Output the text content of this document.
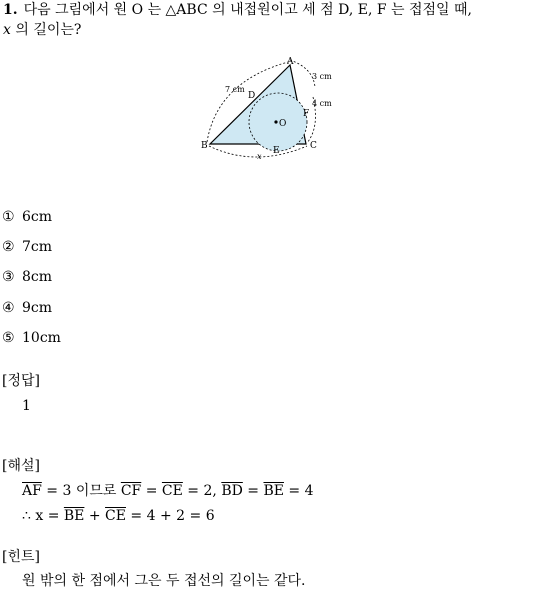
1. 다음 그림에서 원 O 는 △ABC 의 내접원이고 세 점 D, E, F 는 접점일 때,
x 의 길이는?
A
B	C
D
E
F
O
7 cm
3 cm
4 cm
x
① 6cm
② 7cm
③ 8cm
④ 9cm
⑤ 10cm
[정답]
1
[해설]
$\overline{AF} = 3$ 이므로 $\overline{CF} = \overline{CE} = 2$, $\overline{BD} = \overline{BE} = 4$
∴ $x = \overline{BE} + \overline{CE} = 4 + 2 = 6$
[힌트]
원 밖의 한 점에서 그은 두 접선의 길이는 같다.
